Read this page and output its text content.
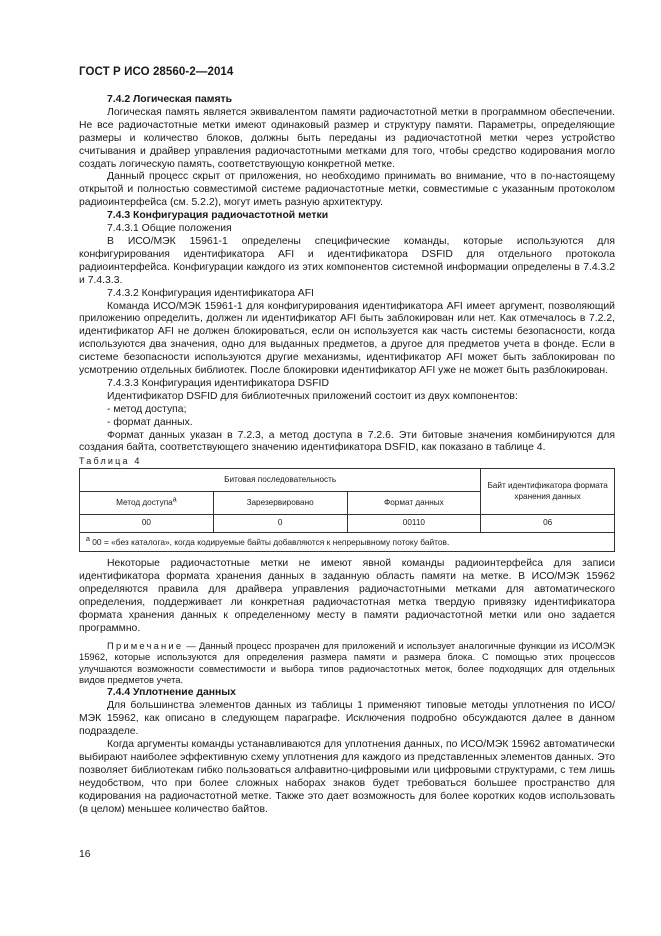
ГОСТ Р ИСО 28560-2—2014

7.4.2 Логическая память

Логическая память является эквивалентом памяти радиочастотной метки в программном обеспечении. Не все радиочастотные метки имеют одинаковый размер и структуру памяти. Параметры, определяющие размеры и количество блоков, должны быть переданы из радиочастотной метки через устройство считывания и драйвер управления радиочастотными метками для того, чтобы средство кодирования могло создать логическую память, соответствующую конкретной метке.

Данный процесс скрыт от приложения, но необходимо принимать во внимание, что в по-настоящему открытой и полностью совместимой системе радиочастотные метки, совместимые с указанным протоколом радиоинтерфейса (см. 5.2.2), могут иметь разную архитектуру.

7.4.3 Конфигурация радиочастотной метки

7.4.3.1 Общие положения

В ИСО/МЭК 15961-1 определены специфические команды, которые используются для конфигурирования идентификатора AFI и идентификатора DSFID для отдельного протокола радиоинтерфейса. Конфигурации каждого из этих компонентов системной информации определены в 7.4.3.2 и 7.4.3.3.

7.4.3.2 Конфигурация идентификатора AFI

Команда ИСО/МЭК 15961-1 для конфигурирования идентификатора AFI имеет аргумент, позволяющий приложению определить, должен ли идентификатор AFI быть заблокирован или нет. Как отмечалось в 7.2.2, идентификатор AFI не должен блокироваться, если он используется как часть системы безопасности, когда используются два значения, одно для выданных предметов, а другое для предметов учета в фонде. Если в системе безопасности используются другие механизмы, идентификатор AFI может быть заблокирован по усмотрению отдельных библиотек. После блокировки идентификатор AFI уже не может быть разблокирован.

7.4.3.3 Конфигурация идентификатора DSFID

Идентификатор DSFID для библиотечных приложений состоит из двух компонентов:

- метод доступа;

- формат данных.

Формат данных указан в 7.2.3, а метод доступа в 7.2.6. Эти битовые значения комбинируются для создания байта, соответствующего значению идентификатора DSFID, как показано в таблице 4.

Таблица 4

Битовая последовательность			Байт идентификатора формата хранения данных
Метод доступа$^a$	Зарезервировано	Формат данных	
00	0	00110	06
$^a$ 00 = «без каталога», когда кодируемые байты добавляются к непрерывному потоку байтов.			

Некоторые радиочастотные метки не имеют явной команды радиоинтерфейса для записи идентификатора формата хранения данных в заданную область памяти на метке. В ИСО/МЭК 15962 определяются правила для драйвера управления радиочастотными метками для автоматического определения, поддерживает ли конкретная радиочастотная метка твердую привязку идентификатора формата хранения данных к определенному месту в памяти радиочастотной метки или оно задается программно.

Примечание — Данный процесс прозрачен для приложений и использует аналогичные функции из ИСО/МЭК 15962, которые используются для определения размера памяти и размера блока. С помощью этих процессов улучшаются возможности совместимости и выбора типов радиочастотных меток, более подходящих для отдельных видов предметов учета.

7.4.4 Уплотнение данных

Для большинства элементов данных из таблицы 1 применяют типовые методы уплотнения по ИСО/МЭК 15962, как описано в следующем параграфе. Исключения подробно обсуждаются далее в данном подразделе.

Когда аргументы команды устанавливаются для уплотнения данных, по ИСО/МЭК 15962 автоматически выбирают наиболее эффективную схему уплотнения для каждого из представленных элементов данных. Это позволяет библиотекам гибко пользоваться алфавитно-цифровыми или цифровыми структурами, с тем лишь неудобством, что при более сложных наборах знаков будет требоваться большее пространство для кодирования на радиочастотной метке. Также это дает возможность для более коротких кодов использовать (в целом) меньшее количество байтов.

16
